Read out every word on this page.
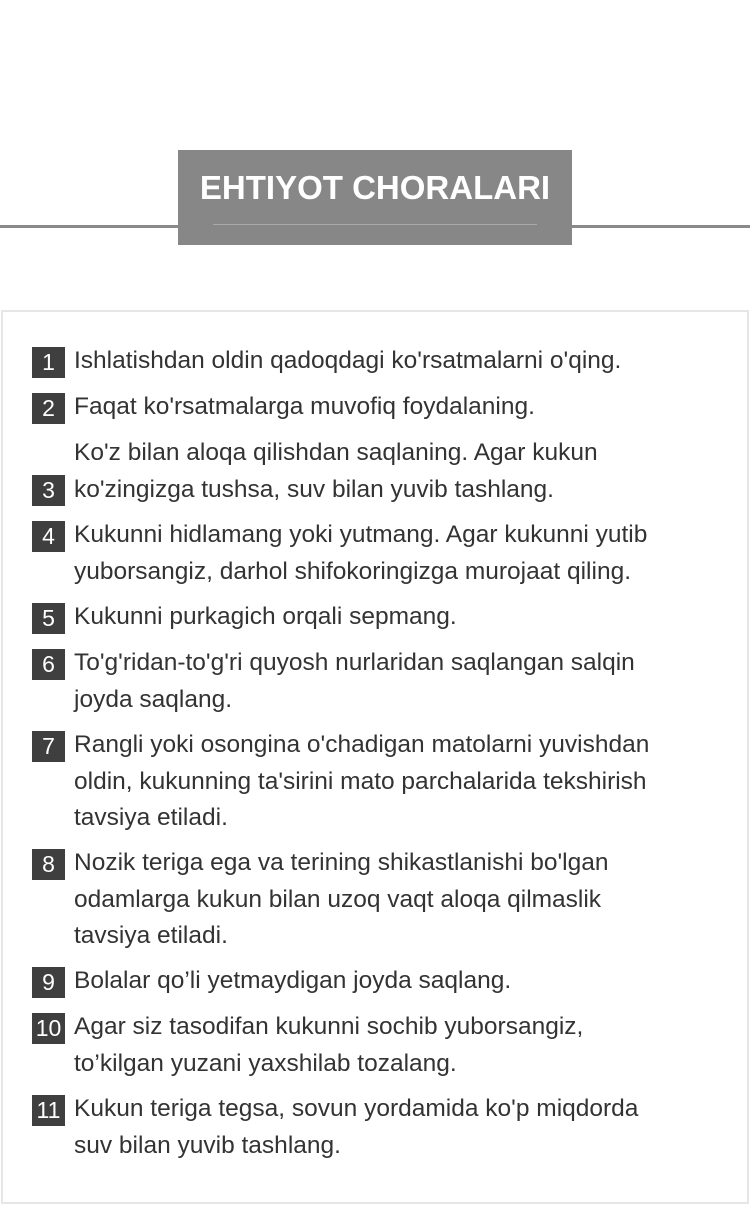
EHTIYOT CHORALARI
1 Ishlatishdan oldin qadoqdagi ko'rsatmalarni o'qing.
2 Faqat ko'rsatmalarga muvofiq foydalaning.
3
Ko'z bilan aloqa qilishdan saqlaning. Agar kukun
ko'zingizga tushsa, suv bilan yuvib tashlang.
4 Kukunni hidlamang yoki yutmang. Agar kukunni yutib
yuborsangiz, darhol shifokoringizga murojaat qiling.
5 Kukunni purkagich orqali sepmang.
6 To'g'ridan-to'g'ri quyosh nurlaridan saqlangan salqin
joyda saqlang.
7 Rangli yoki osongina o'chadigan matolarni yuvishdan
oldin, kukunning ta'sirini mato parchalarida tekshirish
tavsiya etiladi.
8 Nozik teriga ega va terining shikastlanishi bo'lgan
odamlarga kukun bilan uzoq vaqt aloqa qilmaslik
tavsiya etiladi.
9 Bolalar qo’li yetmaydigan joyda saqlang.
10 Agar siz tasodifan kukunni sochib yuborsangiz,
to’kilgan yuzani yaxshilab tozalang.
11 Kukun teriga tegsa, sovun yordamida ko'p miqdorda
suv bilan yuvib tashlang.
